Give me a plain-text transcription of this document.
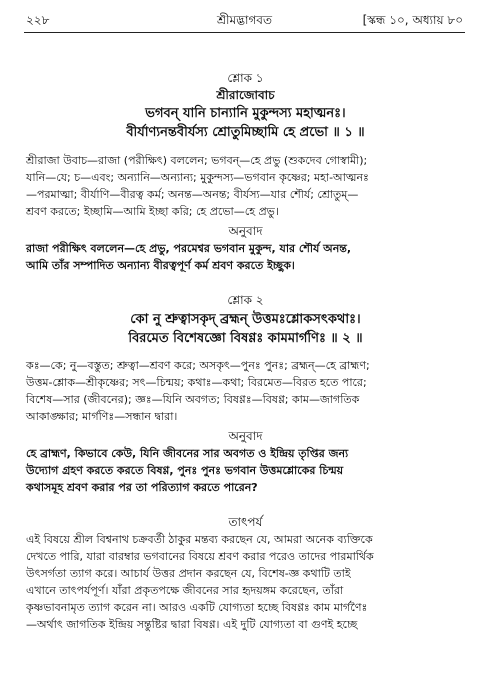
২২৮	শ্রীমদ্ভাগবত	[স্কন্ধ ১০, অধ্যায় ৮০
শ্লোক ১
শ্রীরাজোবাচ
ভগবন্ যানি চান্যানি মুকুন্দস্য মহাত্মনঃ।
বীর্যাণ্যনন্তবীর্যস্য শ্রোতুমিচ্ছামি হে প্রভো ॥ ১ ॥

শ্রীরাজা উবাচ—রাজা (পরীক্ষিৎ) বললেন; ভগবন্—হে প্রভু (শুকদেব গোস্বামী);

যানি—যে; চ—এবং; অন্যানি—অন্যান্য; মুকুন্দস্য—ভগবান কৃষ্ণের; মহা-আত্মনঃ

—পরমাত্মা; বীর্যাণি—বীরত্ব কর্ম; অনন্ত—অনন্ত; বীর্যস্য—যার শৌর্য; শ্রোতুম্—

শ্রবণ করতে; ইচ্ছামি—আমি ইচ্ছা করি; হে প্রভো—হে প্রভু।

অনুবাদ

রাজা পরীক্ষিৎ বললেন—হে প্রভু, পরমেশ্বর ভগবান মুকুন্দ, যার শৌর্য অনন্ত,

আমি তাঁর সম্পাদিত অন্যান্য বীরত্বপূর্ণ কর্ম শ্রবণ করতে ইচ্ছুক।

শ্লোক ২
কো নু শ্রুত্বাসকৃদ্ ব্রহ্মন্ উত্তমঃশ্লোকসৎকথাঃ।
বিরমেত বিশেষজ্ঞো বিষণ্ণঃ কামমার্গণিঃ ॥ ২ ॥

কঃ—কে; নু—বস্তুত; শ্রুত্বা—শ্রবণ করে; অসকৃৎ—পুনঃ পুনঃ; ব্রহ্মন্—হে ব্রাহ্মণ;

উত্তম-শ্লোক—শ্রীকৃষ্ণের; সৎ—চিন্ময়; কথাঃ—কথা; বিরমেত—বিরত হতে পারে;

বিশেষ—সার (জীবনের); জ্ঞঃ—যিনি অবগত; বিষণ্ণঃ—বিষণ্ণ; কাম—জাগতিক

আকাঙ্ক্ষার; মার্গণিঃ—সন্ধান দ্বারা।

অনুবাদ

হে ব্রাহ্মণ, কিভাবে কেউ, যিনি জীবনের সার অবগত ও ইন্দ্রিয় তৃপ্তির জন্য

উদ্যোগ গ্রহণ করতে করতে বিষণ্ণ, পুনঃ পুনঃ ভগবান উত্তমশ্লোকের চিন্ময়

কথাসমূহ শ্রবণ করার পর তা পরিত্যাগ করতে পারেন?

তাৎপর্য

এই বিষয়ে শ্রীল বিশ্বনাথ চক্রবর্তী ঠাকুর মন্তব্য করছেন যে, আমরা অনেক ব্যক্তিকে

দেখতে পারি, যারা বারম্বার ভগবানের বিষয়ে শ্রবণ করার পরেও তাদের পারমার্থিক

উৎসর্গতা ত্যাগ করে। আচার্য উত্তর প্রদান করছেন যে, বিশেষ-জ্ঞ কথাটি তাই

এখানে তাৎপর্যপূর্ণ। যাঁরা প্রকৃতপক্ষে জীবনের সার হৃদয়ঙ্গম করেছেন, তাঁরা

কৃষ্ণভাবনামৃত ত্যাগ করেন না। আরও একটি যোগ্যতা হচ্ছে বিষণ্ণঃ কাম মার্গণৈঃ

—অর্থাৎ জাগতিক ইন্দ্রিয় সন্তুষ্টির দ্বারা বিষণ্ণ। এই দুটি যোগ্যতা বা গুণই হচ্ছে
